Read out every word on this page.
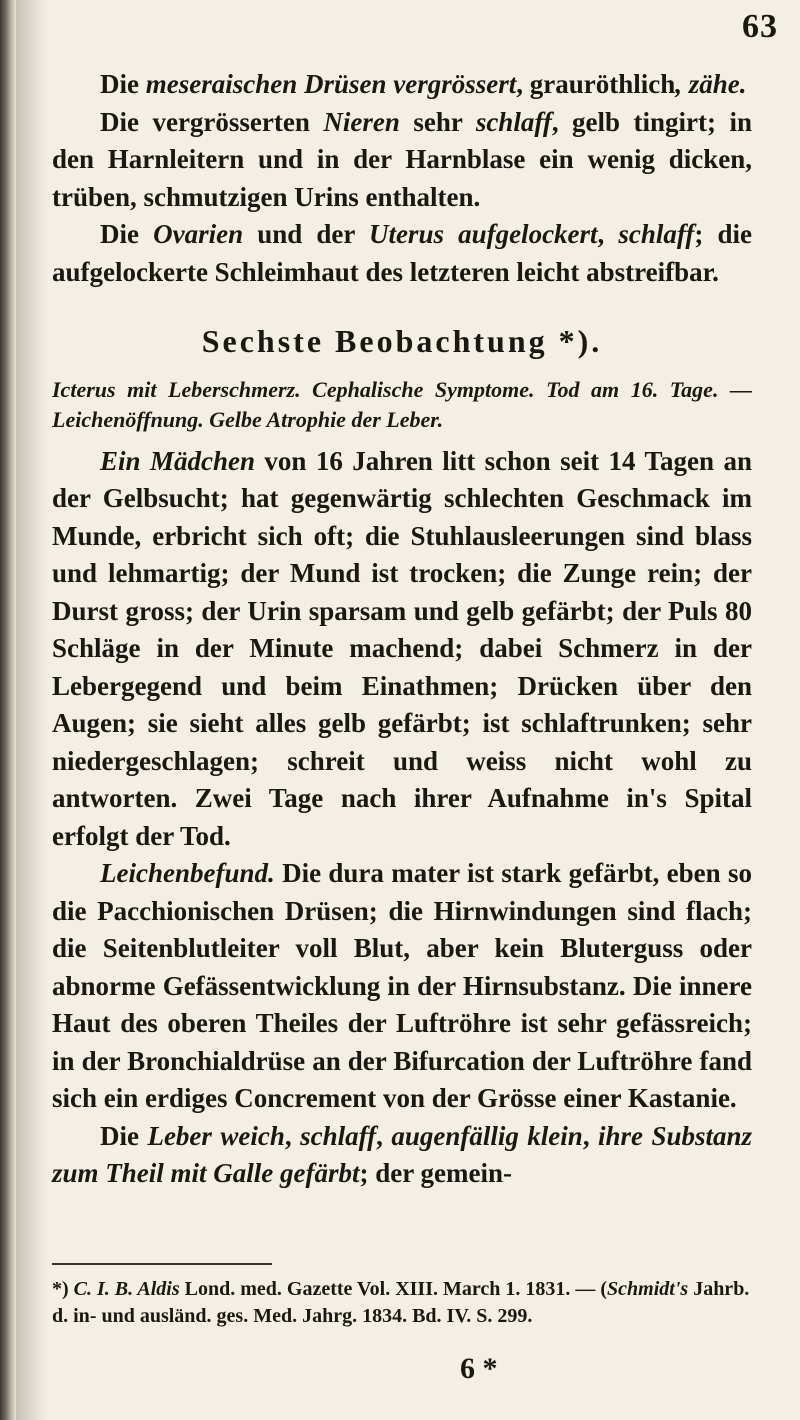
63

Die meseraischen Drüsen vergrössert, grauröthlich, zähe.

Die vergrösserten Nieren sehr schlaff, gelb tingirt; in den Harnleitern und in der Harnblase ein wenig dicken, trüben, schmutzigen Urins enthalten.

Die Ovarien und der Uterus aufgelockert, schlaff; die aufgelockerte Schleimhaut des letzteren leicht abstreifbar.

Sechste Beobachtung *).

Icterus mit Leberschmerz. Cephalische Symptome. Tod am 16. Tage. — Leichenöffnung. Gelbe Atrophie der Leber.

Ein Mädchen von 16 Jahren litt schon seit 14 Tagen an der Gelbsucht; hat gegenwärtig schlechten Geschmack im Munde, erbricht sich oft; die Stuhlausleerungen sind blass und lehmartig; der Mund ist trocken; die Zunge rein; der Durst gross; der Urin sparsam und gelb gefärbt; der Puls 80 Schläge in der Minute machend; dabei Schmerz in der Lebergegend und beim Einathmen; Drücken über den Augen; sie sieht alles gelb gefärbt; ist schlaftrunken; sehr niedergeschlagen; schreit und weiss nicht wohl zu antworten. Zwei Tage nach ihrer Aufnahme in's Spital erfolgt der Tod.

Leichenbefund. Die dura mater ist stark gefärbt, eben so die Pacchionischen Drüsen; die Hirnwindungen sind flach; die Seitenblutleiter voll Blut, aber kein Bluterguss oder abnorme Gefässentwicklung in der Hirnsubstanz. Die innere Haut des oberen Theiles der Luftröhre ist sehr gefässreich; in der Bronchialdrüse an der Bifurcation der Luftröhre fand sich ein erdiges Concrement von der Grösse einer Kastanie.

Die Leber weich, schlaff, augenfällig klein, ihre Substanz zum Theil mit Galle gefärbt; der gemein-

*) C. I. B. Aldis Lond. med. Gazette Vol. XIII. March 1. 1831. — (Schmidt's Jahrb. d. in- und ausländ. ges. Med. Jahrg. 1834. Bd. IV. S. 299.
6 *
